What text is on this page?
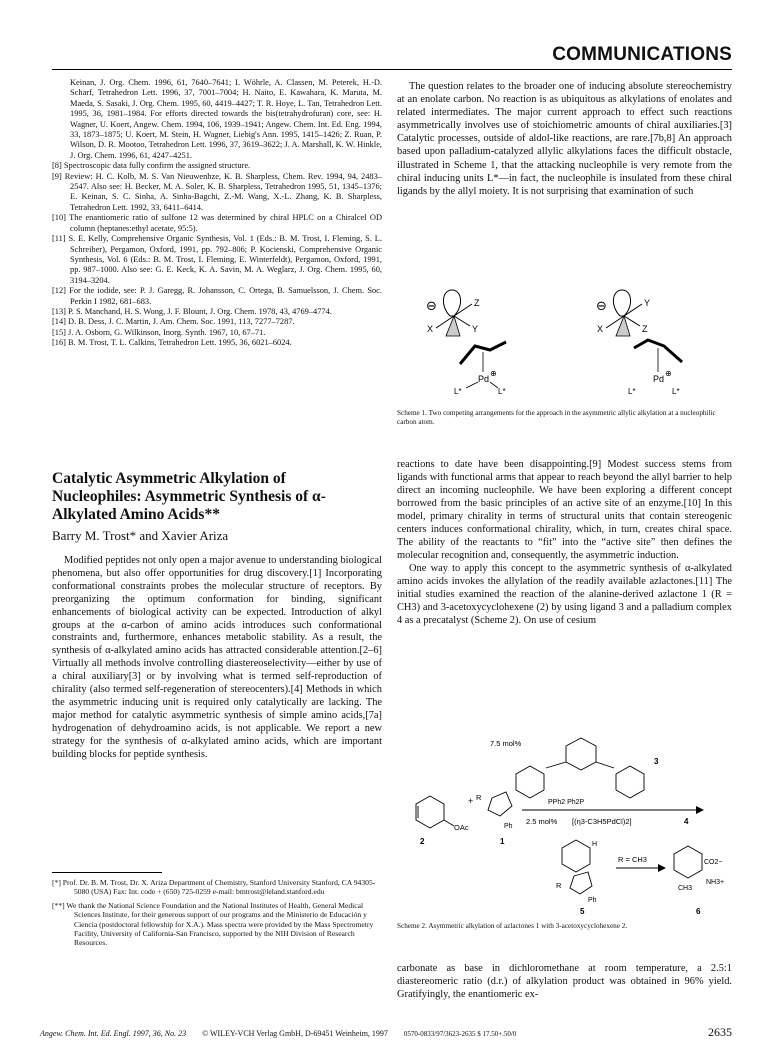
COMMUNICATIONS

Keinan, J. Org. Chem. 1996, 61, 7640–7641; I. Wöhrle, A. Classen, M. Peterek, H.-D. Scharf, Tetrahedron Lett. 1996, 37, 7001–7004; H. Naito, E. Kawahara, K. Maruta, M. Maeda, S. Sasaki, J. Org. Chem. 1995, 60, 4419–4427; T. R. Hoye, L. Tan, Tetrahedron Lett. 1995, 36, 1981–1984. For efforts directed towards the bis(tetrahydrofuran) core, see: H. Wagner, U. Koert, Angew. Chem. 1994, 106, 1939–1941; Angew. Chem. Int. Ed. Eng. 1994, 33, 1873–1875; U. Koert, M. Stein, H. Wagner, Liebig's Ann. 1995, 1415–1426; Z. Ruan, P. Wilson, D. R. Mootoo, Tetrahedron Lett. 1996, 37, 3619–3622; J. A. Marshall, K. W. Hinkle, J. Org. Chem. 1996, 61, 4247–4251.

[8] Spectroscopic data fully confirm the assigned structure.

[9] Review: H. C. Kolb, M. S. Van Nieuwenhze, K. B. Sharpless, Chem. Rev. 1994, 94, 2483–2547. Also see: H. Becker, M. A. Soler, K. B. Sharpless, Tetrahedron 1995, 51, 1345–1376; E. Keinan, S. C. Sinha, A. Sinha-Bagchi, Z.-M. Wang, X.-L. Zhang, K. B. Sharpless, Tetrahedron Lett. 1992, 33, 6411–6414.

[10] The enantiomeric ratio of sulfone 12 was determined by chiral HPLC on a Chiralcel OD column (heptanes:ethyl acetate, 95:5).

[11] S. E. Kelly, Comprehensive Organic Synthesis, Vol. 1 (Eds.: B. M. Trost, I. Fleming, S. L. Schreiber), Pergamon, Oxford, 1991, pp. 792–806; P. Kocienski, Comprehensive Organic Synthesis, Vol. 6 (Eds.: B. M. Trost, I. Fleming, E. Winterfeldt), Pergamon, Oxford, 1991, pp. 987–1000. Also see: G. E. Keck, K. A. Savin, M. A. Weglarz, J. Org. Chem. 1995, 60, 3194–3204.

[12] For the iodide, see: P. J. Garegg, R. Johansson, C. Ortega, B. Samuelsson, J. Chem. Soc. Perkin I 1982, 681–683.

[13] P. S. Manchand, H. S. Wong, J. F. Blount, J. Org. Chem. 1978, 43, 4769–4774.

[14] D. B. Dess, J. C. Martin, J. Am. Chem. Soc. 1991, 113, 7277–7287.

[15] J. A. Osborn, G. Wilkinson, Inorg. Synth. 1967, 10, 67–71.

[16] B. M. Trost, T. L. Calkins, Tetrahedron Lett. 1995, 36, 6021–6024.

The question relates to the broader one of inducing absolute stereochemistry at an enolate carbon. No reaction is as ubiquitous as alkylations of enolates and related intermediates. The major current approach to effect such reactions asymmetrically involves use of stoichiometric amounts of chiral auxiliaries.[3] Catalytic processes, outside of aldol-like reactions, are rare.[7b,8] An approach based upon palladium-catalyzed allylic alkylations faces the difficult obstacle, illustrated in Scheme 1, that the attacking nucleophile is very remote from the chiral inducing units L*—in fact, the nucleophile is insulated from these chiral ligands by the allyl moiety. It is not surprising that examination of such

⊖	Z
X	Y
Pd
⊕
L*	L*
⊖	Y
X	Z
Pd
⊕
L*	L*
Scheme 1. Two competing arrangements for the approach in the asymmetric allylic alkylation at a nucleophilic carbon atom.
Catalytic Asymmetric Alkylation of Nucleophiles: Asymmetric Synthesis of α-Alkylated Amino Acids**
Barry M. Trost* and Xavier Ariza

Modified peptides not only open a major avenue to understanding biological phenomena, but also offer opportunities for drug discovery.[1] Incorporating conformational constraints probes the molecular structure of receptors. By preorganizing the optimum conformation for binding, significant enhancements of biological activity can be expected. Introduction of alkyl groups at the α-carbon of amino acids introduces such conformational constraints and, furthermore, enhances metabolic stability. As a result, the synthesis of α-alkylated amino acids has attracted considerable attention.[2–6] Virtually all methods involve controlling diastereoselectivity—either by use of a chiral auxiliary[3] or by involving what is termed self-reproduction of chirality (also termed self-regeneration of stereocenters).[4] Methods in which the asymmetric inducing unit is required only catalytically are lacking. The major method for catalytic asymmetric synthesis of simple amino acids,[7a] hydrogenation of dehydroamino acids, is not applicable. We report a new strategy for the synthesis of α-alkylated amino acids, which are important building blocks for peptide synthesis.

reactions to date have been disappointing.[9] Modest success stems from ligands with functional arms that appear to reach beyond the allyl barrier to help direct an incoming nucleophile. We have been exploring a different concept borrowed from the basic principles of an active site of an enzyme.[10] In this model, primary chirality in terms of structural units that contain stereogenic centers induces conformational chirality, which, in turn, creates chiral space. The ability of the reactants to “fit” into the “active site” then defines the molecular recognition and, consequently, the asymmetric induction.

One way to apply this concept to the asymmetric synthesis of α-alkylated amino acids invokes the allylation of the readily available azlactones.[11] The initial studies examined the reaction of the alanine-derived azlactone 1 (R = CH3) and 3-acetoxycyclohexene (2) by using ligand 3 and a palladium complex 4 as a precatalyst (Scheme 2). On use of cesium

7.5 mol%
3
PPh2 Ph2P
OAc
2
+ R
Ph
1
2.5 mol% [(η3-C3H5PdCl)2]	4
H
R
Ph
5
R = CH3	CO2−
NH3+
CH3
6
Scheme 2. Asymmetric alkylation of azlactones 1 with 3-acetoxycyclohexene 2.

carbonate as base in dichloromethane at room temperature, a 2.5:1 diastereomeric ratio (d.r.) of alkylation product was obtained in 96% yield. Gratifyingly, the enantiomeric ex-

[*] Prof. Dr. B. M. Trost, Dr. X. Ariza Department of Chemistry, Stanford University Stanford, CA 94305-5080 (USA) Fax: Int. code + (650) 725-0259 e-mail: bmtrost@leland.stanford.edu

[**] We thank the National Science Foundation and the National Institutes of Health, General Medical Sciences Institute, for their generous support of our programs and the Ministerio de Educación y Ciencia (postdoctoral fellowship for X.A.). Mass spectra were provided by the Mass Spectrometry Facility, University of California-San Francisco, supported by the NIH Division of Research Resources.

Angew. Chem. Int. Ed. Engl. 1997, 36, No. 23 © WILEY-VCH Verlag GmbH, D-69451 Weinheim, 1997 0570-0833/97/3623-2635 $ 17.50+.50/0	2635
